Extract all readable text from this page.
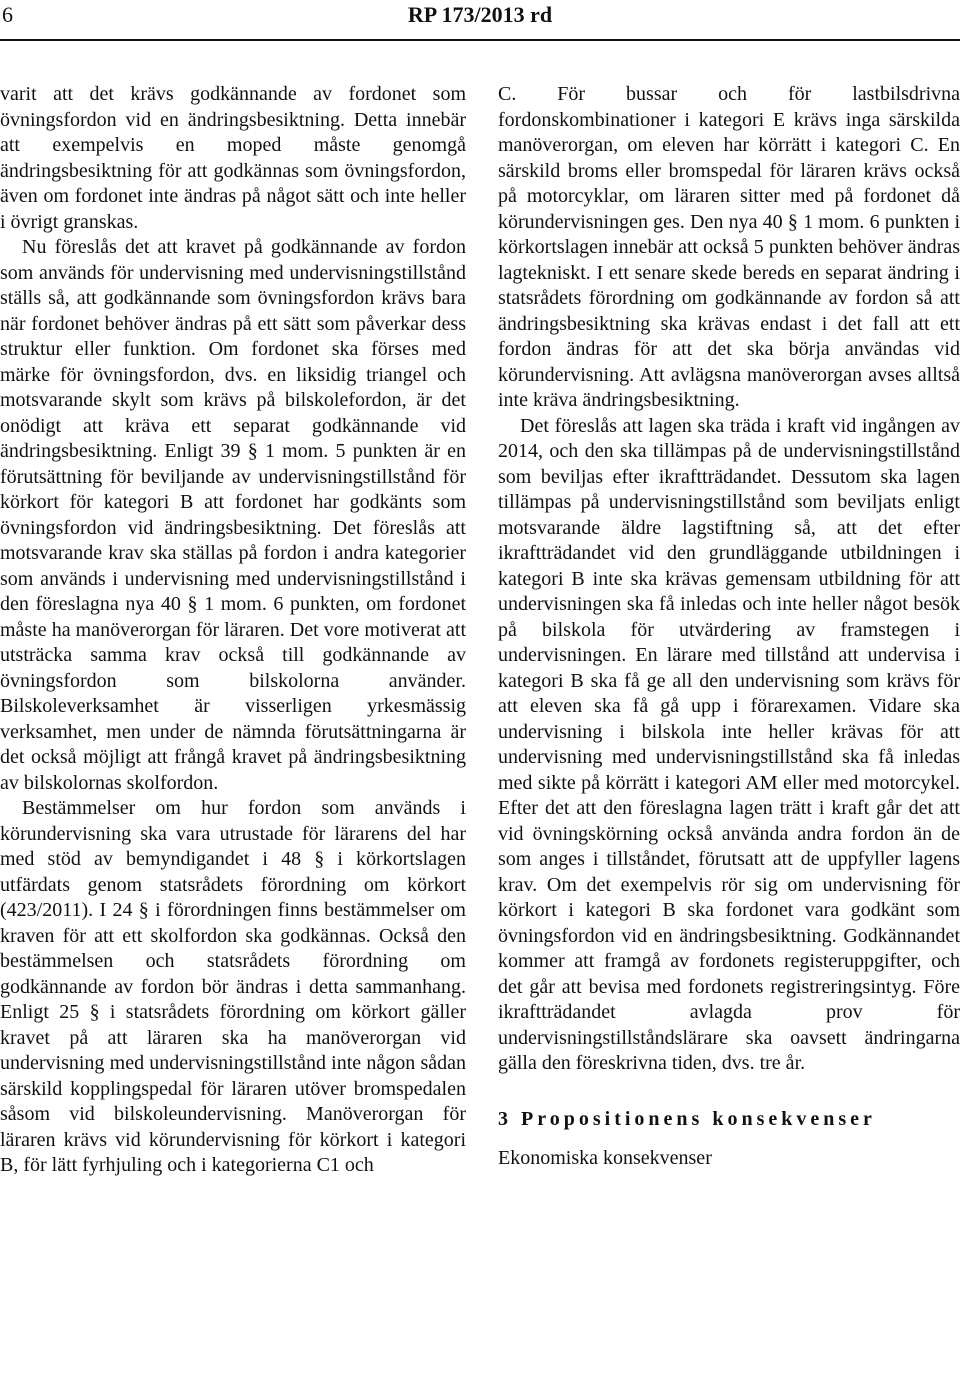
6	RP 173/2013 rd

varit att det krävs godkännande av fordonet som övningsfordon vid en ändringsbesiktning. Detta innebär att exempelvis en moped måste genomgå ändringsbesiktning för att godkännas som övningsfordon, även om fordonet inte ändras på något sätt och inte heller i övrigt granskas.

Nu föreslås det att kravet på godkännande av fordon som används för undervisning med undervisningstillstånd ställs så, att godkännande som övningsfordon krävs bara när fordonet behöver ändras på ett sätt som påverkar dess struktur eller funktion. Om fordonet ska förses med märke för övningsfordon, dvs. en liksidig triangel och motsvarande skylt som krävs på bilskolefordon, är det onödigt att kräva ett separat godkännande vid ändringsbesiktning. Enligt 39 § 1 mom. 5 punkten är en förutsättning för beviljande av undervisningstillstånd för körkort för kategori B att fordonet har godkänts som övningsfordon vid ändringsbesiktning. Det föreslås att motsvarande krav ska ställas på fordon i andra kategorier som används i undervisning med undervisningstillstånd i den föreslagna nya 40 § 1 mom. 6 punkten, om fordonet måste ha manöverorgan för läraren. Det vore motiverat att utsträcka samma krav också till godkännande av övningsfordon som bilskolorna använder. Bilskoleverksamhet är visserligen yrkesmässig verksamhet, men under de nämnda förutsättningarna är det också möjligt att frångå kravet på ändringsbesiktning av bilskolornas skolfordon.

Bestämmelser om hur fordon som används i körundervisning ska vara utrustade för lärarens del har med stöd av bemyndigandet i 48 § i körkortslagen utfärdats genom statsrådets förordning om körkort (423/2011). I 24 § i förordningen finns bestämmelser om kraven för att ett skolfordon ska godkännas. Också den bestämmelsen och statsrådets förordning om godkännande av fordon bör ändras i detta sammanhang. Enligt 25 § i statsrådets förordning om körkort gäller kravet på att läraren ska ha manöverorgan vid undervisning med undervisningstillstånd inte någon sådan särskild kopplingspedal för läraren utöver bromspedalen såsom vid bilskoleundervisning. Manöverorgan för läraren krävs vid körundervisning för körkort i kategori B, för lätt fyrhjuling och i kategorierna C1 och

C. För bussar och för lastbilsdrivna fordonskombinationer i kategori E krävs inga särskilda manöverorgan, om eleven har körrätt i kategori C. En särskild broms eller bromspedal för läraren krävs också på motorcyklar, om läraren sitter med på fordonet då körundervisningen ges. Den nya 40 § 1 mom. 6 punkten i körkortslagen innebär att också 5 punkten behöver ändras lagtekniskt. I ett senare skede bereds en separat ändring i statsrådets förordning om godkännande av fordon så att ändringsbesiktning ska krävas endast i det fall att ett fordon ändras för att det ska börja användas vid körundervisning. Att avlägsna manöverorgan avses alltså inte kräva ändringsbesiktning.

Det föreslås att lagen ska träda i kraft vid ingången av 2014, och den ska tillämpas på de undervisningstillstånd som beviljas efter ikraftträdandet. Dessutom ska lagen tillämpas på undervisningstillstånd som beviljats enligt motsvarande äldre lagstiftning så, att det efter ikraftträdandet vid den grundläggande utbildningen i kategori B inte ska krävas gemensam utbildning för att undervisningen ska få inledas och inte heller något besök på bilskola för utvärdering av framstegen i undervisningen. En lärare med tillstånd att undervisa i kategori B ska få ge all den undervisning som krävs för att eleven ska få gå upp i förarexamen. Vidare ska undervisning i bilskola inte heller krävas för att undervisning med undervisningstillstånd ska få inledas med sikte på körrätt i kategori AM eller med motorcykel. Efter det att den föreslagna lagen trätt i kraft går det att vid övningskörning också använda andra fordon än de som anges i tillståndet, förutsatt att de uppfyller lagens krav. Om det exempelvis rör sig om undervisning för körkort i kategori B ska fordonet vara godkänt som övningsfordon vid en ändringsbesiktning. Godkännandet kommer att framgå av fordonets registeruppgifter, och det går att bevisa med fordonets registreringsintyg. Före ikraftträdandet avlagda prov för undervisningstillståndslärare ska oavsett ändringarna gälla den föreskrivna tiden, dvs. tre år.

3 Propositionens konsekvenser

Ekonomiska konsekvenser
